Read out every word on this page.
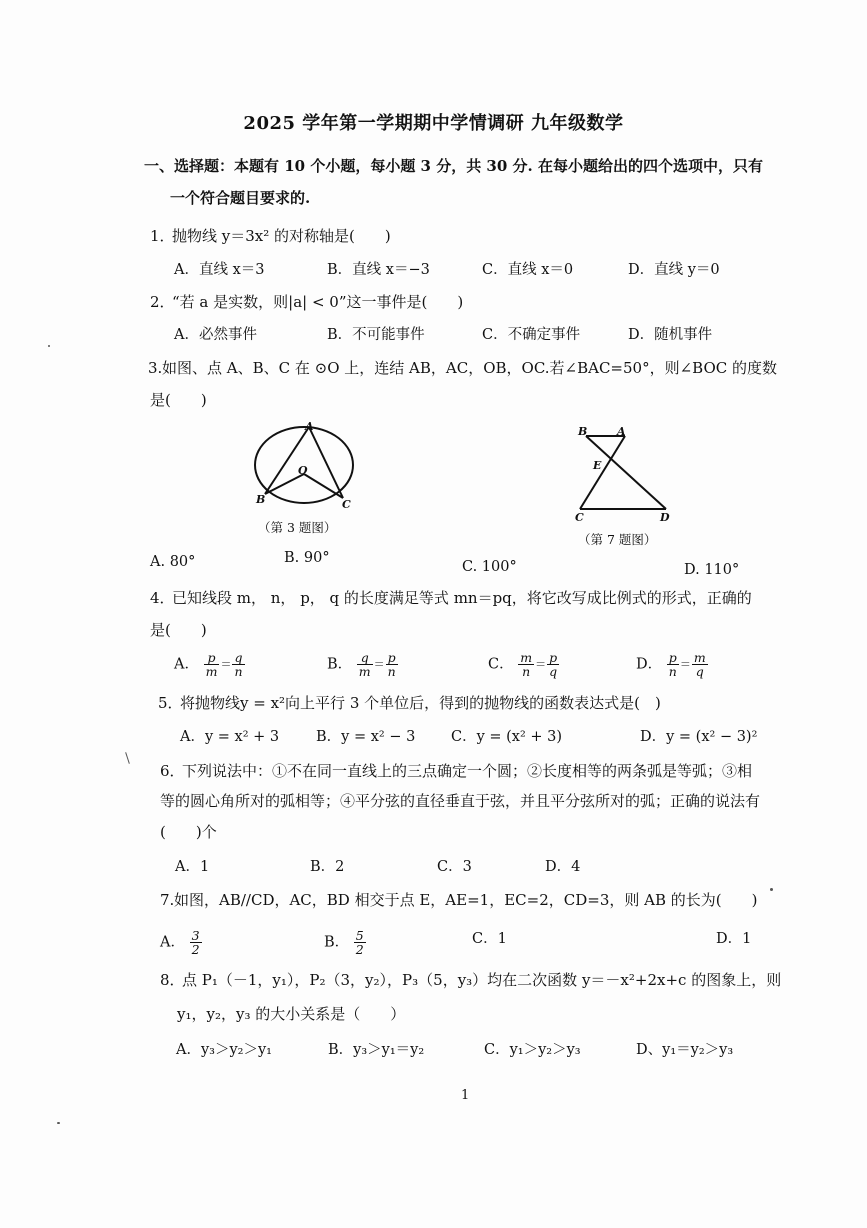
2025 学年第一学期期中学情调研 九年级数学
一、选择题：本题有 10 个小题，每小题 3 分，共 30 分. 在每小题给出的四个选项中，只有
一个符合题目要求的.
1．
抛物线 y＝3x² 的对称轴是(　　)
A．直线 x＝3	B．直线 x＝−3	C．直线 x＝0	D．直线 y＝0
2．
“若 a 是实数，则|a| < 0”这一事件是(　　)
A．必然事件	B．不可能事件	C．不确定事件	D．随机事件
3. 如图、点 A、B、C 在 ⊙O 上，连结 AB，AC，OB，OC.若∠BAC=50°，则∠BOC 的度数
是(　　)
A
O
B	C
（第 3 题图）
B	A
E
C	D
（第 7 题图）
A. 80°	B. 90°
C. 100°	D. 110°
4．
已知线段 m， n， p， q 的长度满足等式 mn＝pq，将它改写成比例式的形式，正确的
是(　　)
A． $\frac{p}{m} = \frac{q}{n}$	B． $\frac{q}{m} = \frac{p}{n}$	C． $\frac{m}{n} = \frac{p}{q}$	D． $\frac{p}{n} = \frac{m}{q}$
5．
将抛物线y = x²向上平行 3 个单位后，得到的抛物线的函数表达式是(　)
A．y = x² + 3	B．y = x² − 3 C．y = (x² + 3)	D．y = (x² − 3)²
6．
下列说法中：①不在同一直线上的三点确定一个圆；②长度相等的两条弧是等弧；③相
等的圆心角所对的弧相等；④平分弦的直径垂直于弦，并且平分弦所对的弧；正确的说法有
(　　)个
A．1	B．2	C．3	D．4
7. 如图，AB//CD，AC，BD 相交于点 E，AE=1，EC=2，CD=3，则 AB 的长为(　　)
A． $\frac{3}{2}$	B． $\frac{5}{2}$	C．1	D．1
8．
点 P₁（－1，y₁），P₂（3，y₂），P₃（5，y₃）均在二次函数 y＝－x²+2x+c 的图象上，则
y₁，y₂，y₃ 的大小关系是（　　）
A．y₃＞y₂＞y₁	B．y₃＞y₁＝y₂	C．y₁＞y₂＞y₃	D、y₁＝y₂＞y₃
1
